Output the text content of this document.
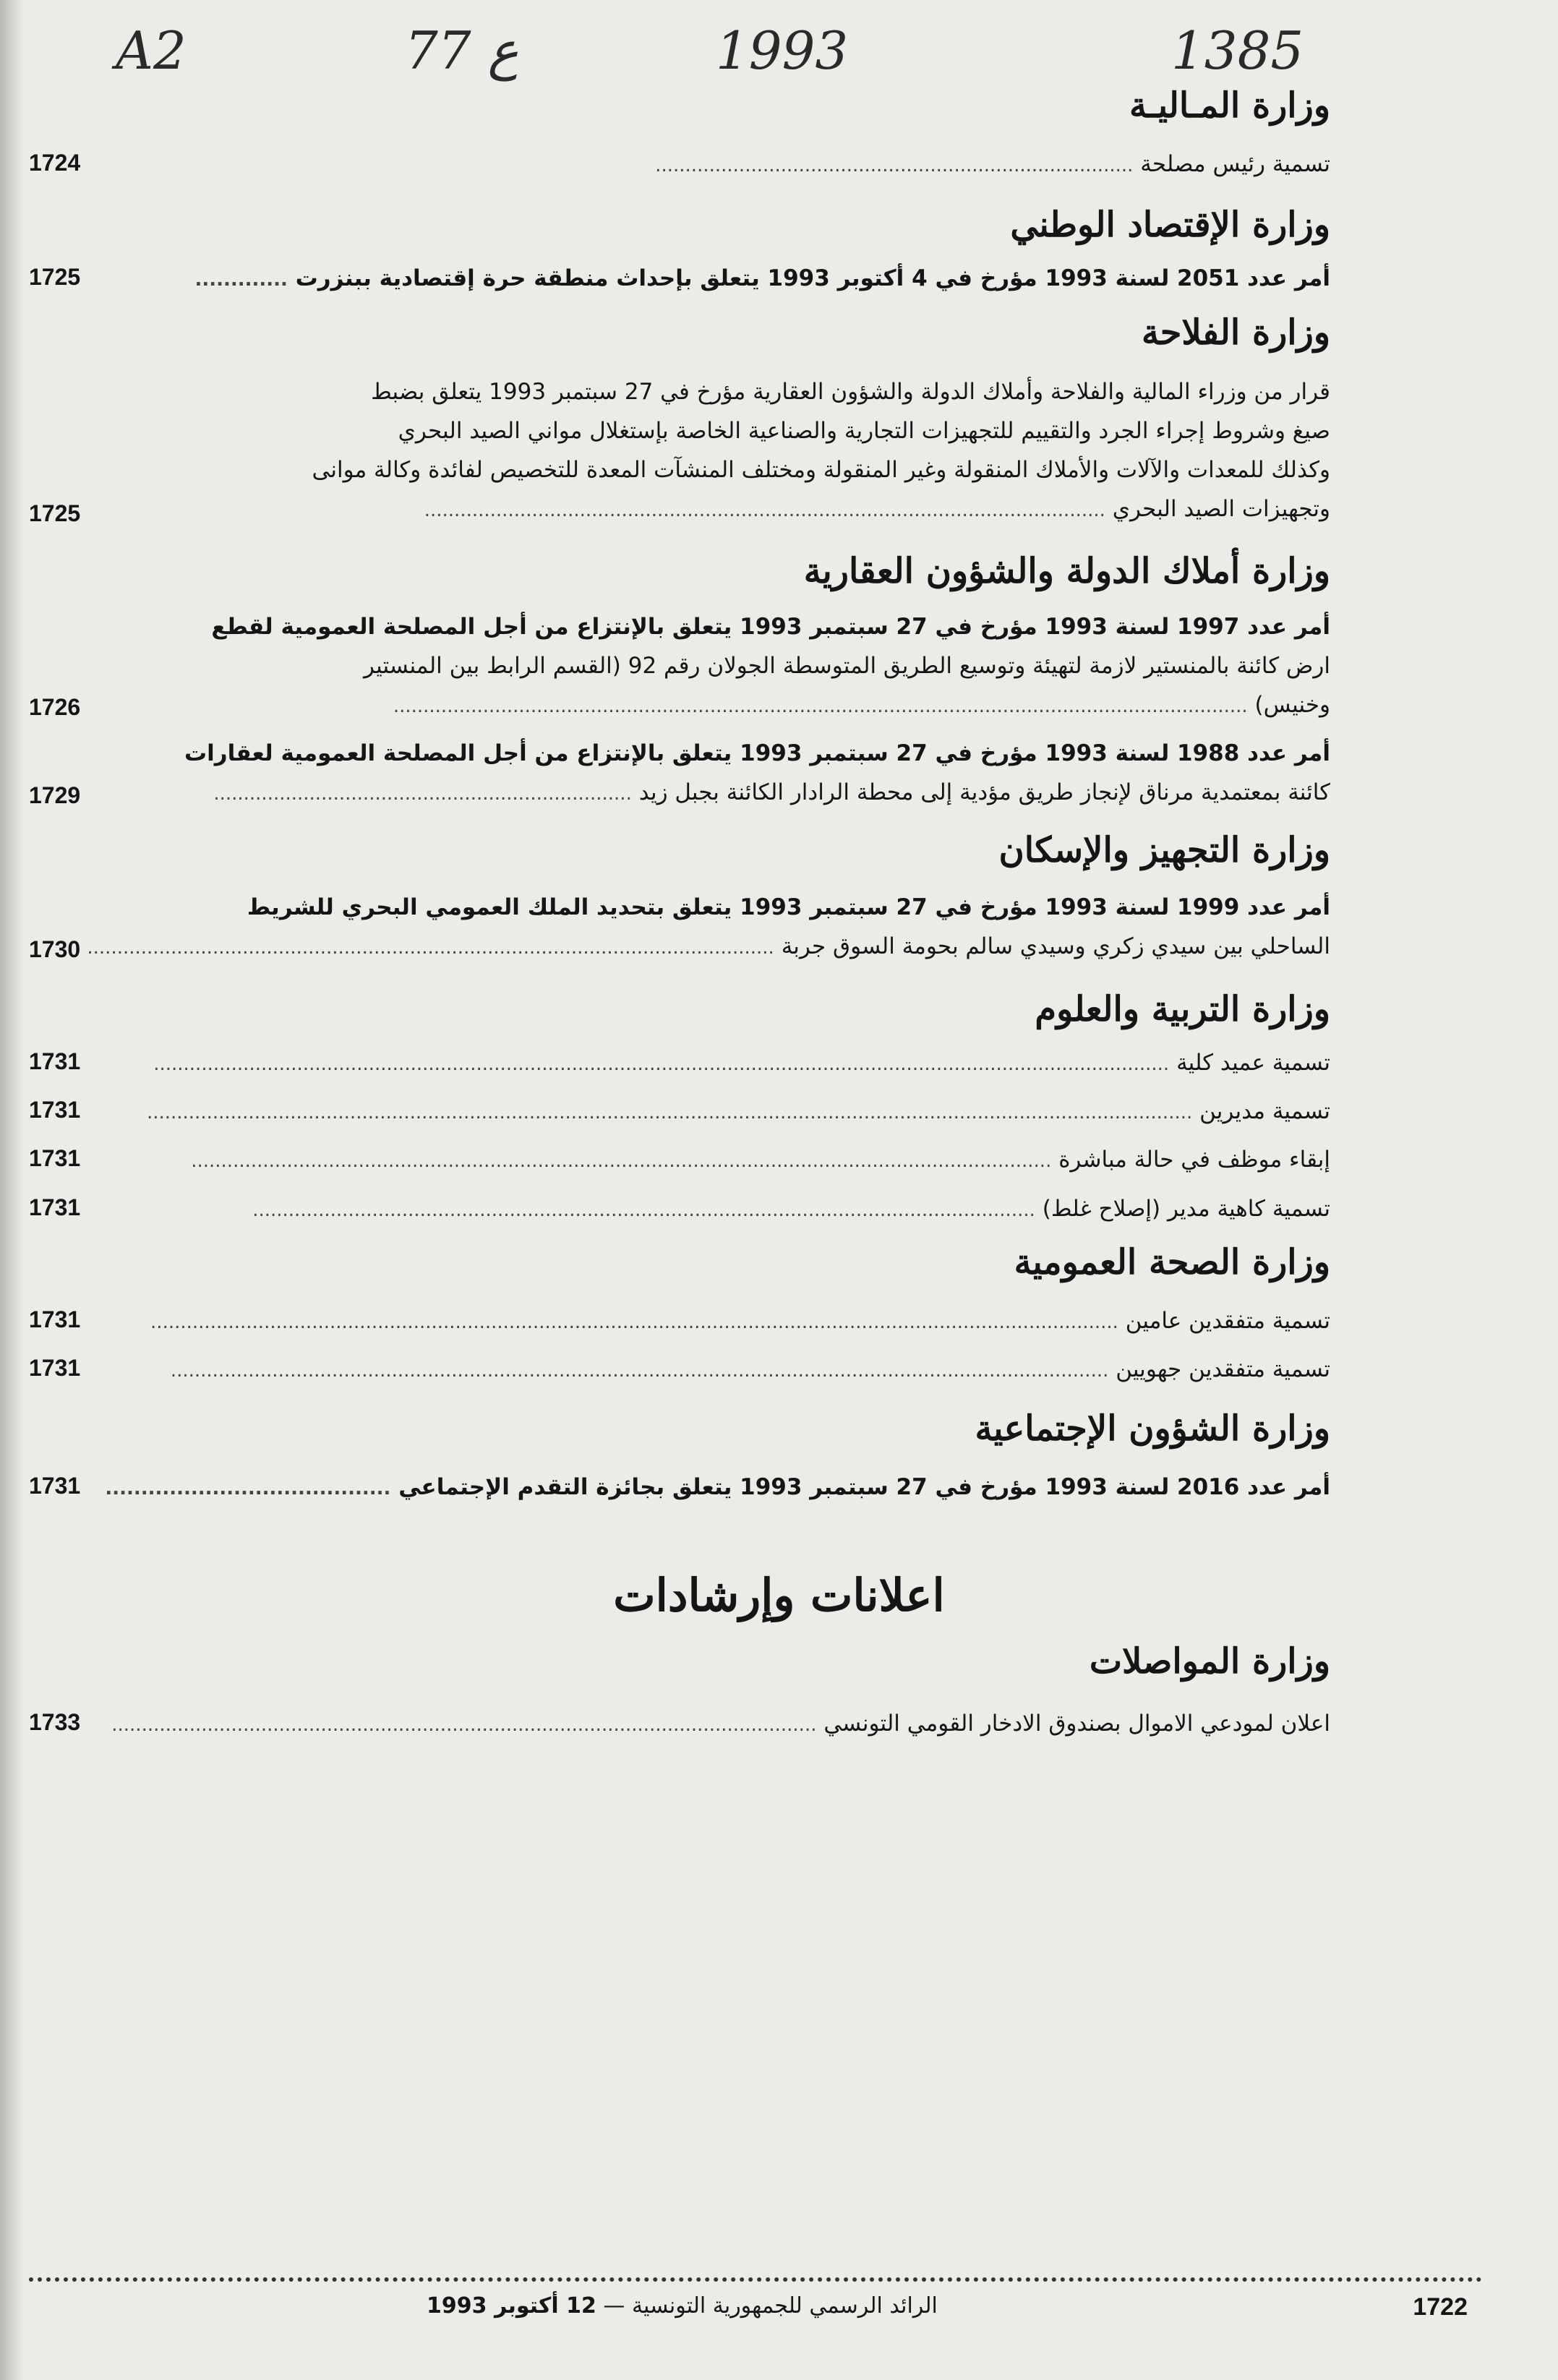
A2	77 ع	1993	1385
وزارة المـاليـة
تسمية رئيس مصلحة ................................................................................
1724
وزارة الإقتصاد الوطني
أمر عدد 2051 لسنة 1993 مؤرخ في 4 أكتوبر 1993 يتعلق بإحداث منطقة حرة إقتصادية ببنزرت .............
1725
وزارة الفلاحة
قرار من وزراء المالية والفلاحة وأملاك الدولة والشؤون العقارية مؤرخ في 27 سبتمبر 1993 يتعلق بضبط
صيغ وشروط إجراء الجرد والتقييم للتجهيزات التجارية والصناعية الخاصة بإستغلال مواني الصيد البحري
وكذلك للمعدات والآلات والأملاك المنقولة وغير المنقولة ومختلف المنشآت المعدة للتخصيص لفائدة وكالة موانى
وتجهيزات الصيد البحري ..................................................................................................................
1725
وزارة أملاك الدولة والشؤون العقارية
أمر عدد 1997 لسنة 1993 مؤرخ في 27 سبتمبر 1993 يتعلق بالإنتزاع من أجل المصلحة العمومية لقطع
ارض كائنة بالمنستير لازمة لتهيئة وتوسيع الطريق المتوسطة الجولان رقم 92 (القسم الرابط بين المنستير
وخنيس) ...............................................................................................................................................
1726
أمر عدد 1988 لسنة 1993 مؤرخ في 27 سبتمبر 1993 يتعلق بالإنتزاع من أجل المصلحة العمومية لعقارات
كائنة بمعتمدية مرناق لإنجاز طريق مؤدية إلى محطة الرادار الكائنة بجبل زيد ......................................................................
1729
وزارة التجهيز والإسكان
أمر عدد 1999 لسنة 1993 مؤرخ في 27 سبتمبر 1993 يتعلق بتحديد الملك العمومي البحري للشريط
الساحلي بين سيدي زكري وسيدي سالم بحومة السوق جربة ...................................................................................................................
1730
وزارة التربية والعلوم
تسمية عميد كلية ..........................................................................................................................................................................
1731
تسمية مديرين ...............................................................................................................................................................................
1731
إبقاء موظف في حالة مباشرة ................................................................................................................................................
1731
تسمية كاهية مدير (إصلاح غلط) ...................................................................................................................................
1731
وزارة الصحة العمومية
تسمية متفقدين عامين ..................................................................................................................................................................
1731
تسمية متفقدين جهويين .............................................................................................................................................................
1731
وزارة الشؤون الإجتماعية
أمر عدد 2016 لسنة 1993 مؤرخ في 27 سبتمبر 1993 يتعلق بجائزة التقدم الإجتماعي ........................................
1731
اعلانات وإرشادات
وزارة المواصلات
اعلان لمودعي الاموال بصندوق الادخار القومي التونسي ......................................................................................................................
1733
1722
الرائد الرسمي للجمهورية التونسية — 12 أكتوبر 1993
